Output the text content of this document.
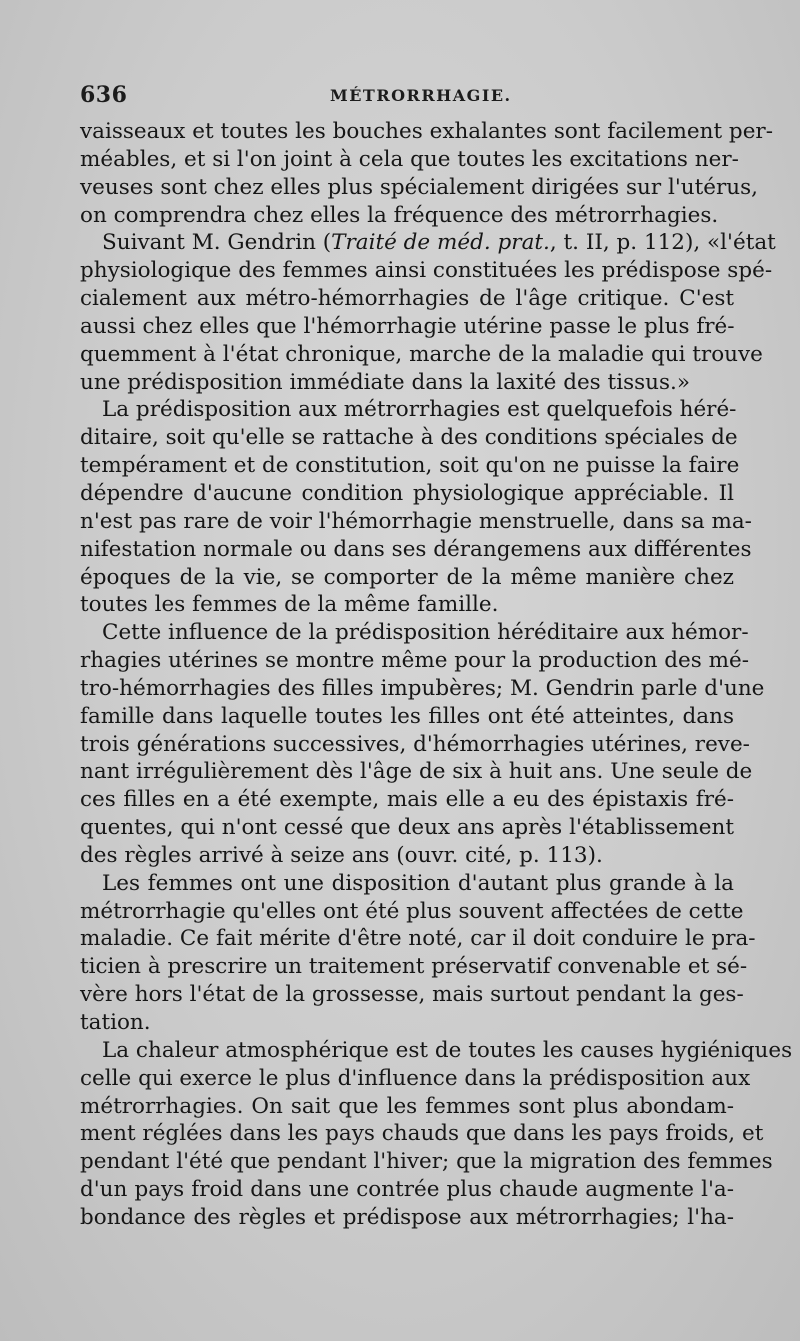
636	MÉTRORRHAGIE.

vaisseaux et toutes les bouches exhalantes sont facilement per-
méables, et si l'on joint à cela que toutes les excitations ner-
veuses sont chez elles plus spécialement dirigées sur l'utérus,
on comprendra chez elles la fréquence des métrorrhagies.

Suivant M. Gendrin (Traité de méd. prat., t. II, p. 112), «l'état
physiologique des femmes ainsi constituées les prédispose spé-
cialement aux métro-hémorrhagies de l'âge critique. C'est
aussi chez elles que l'hémorrhagie utérine passe le plus fré-
quemment à l'état chronique, marche de la maladie qui trouve
une prédisposition immédiate dans la laxité des tissus.»

La prédisposition aux métrorrhagies est quelquefois héré-
ditaire, soit qu'elle se rattache à des conditions spéciales de
tempérament et de constitution, soit qu'on ne puisse la faire
dépendre d'aucune condition physiologique appréciable. Il
n'est pas rare de voir l'hémorrhagie menstruelle, dans sa ma-
nifestation normale ou dans ses dérangemens aux différentes
époques de la vie, se comporter de la même manière chez
toutes les femmes de la même famille.

Cette influence de la prédisposition héréditaire aux hémor-
rhagies utérines se montre même pour la production des mé-
tro-hémorrhagies des filles impubères; M. Gendrin parle d'une
famille dans laquelle toutes les filles ont été atteintes, dans
trois générations successives, d'hémorrhagies utérines, reve-
nant irrégulièrement dès l'âge de six à huit ans. Une seule de
ces filles en a été exempte, mais elle a eu des épistaxis fré-
quentes, qui n'ont cessé que deux ans après l'établissement
des règles arrivé à seize ans (ouvr. cité, p. 113).

Les femmes ont une disposition d'autant plus grande à la
métrorrhagie qu'elles ont été plus souvent affectées de cette
maladie. Ce fait mérite d'être noté, car il doit conduire le pra-
ticien à prescrire un traitement préservatif convenable et sé-
vère hors l'état de la grossesse, mais surtout pendant la ges-
tation.

La chaleur atmosphérique est de toutes les causes hygiéniques
celle qui exerce le plus d'influence dans la prédisposition aux
métrorrhagies. On sait que les femmes sont plus abondam-
ment réglées dans les pays chauds que dans les pays froids, et
pendant l'été que pendant l'hiver; que la migration des femmes
d'un pays froid dans une contrée plus chaude augmente l'a-
bondance des règles et prédispose aux métrorrhagies; l'ha-
